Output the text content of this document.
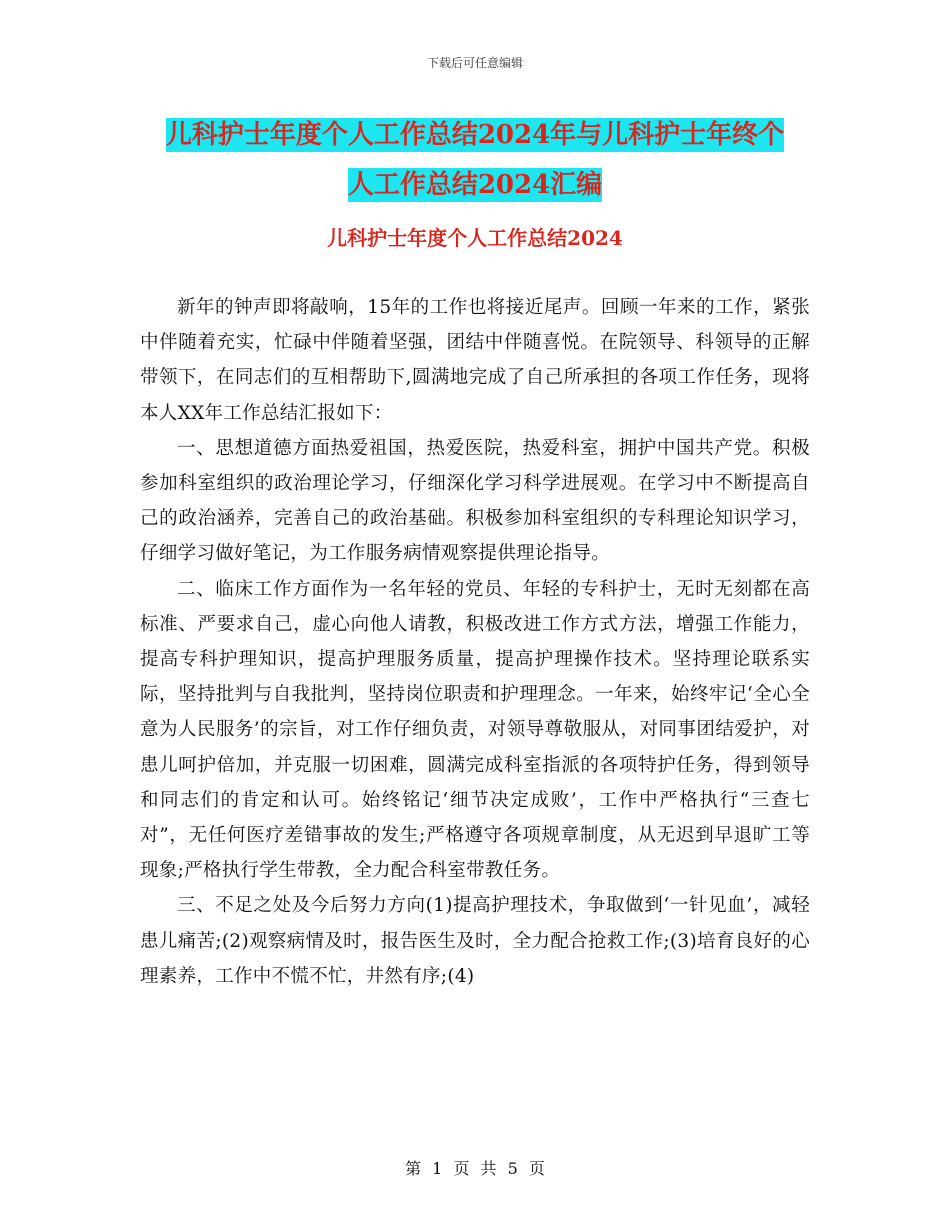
下载后可任意编辑
儿科护士年度个人工作总结2024年与儿科护士年终个
人工作总结2024汇编
儿科护士年度个人工作总结2024

新年的钟声即将敲响，15年的工作也将接近尾声。回顾一年来的工作，紧张中伴随着充实，忙碌中伴随着坚强，团结中伴随喜悦。在院领导、科领导的正解带领下，在同志们的互相帮助下,圆满地完成了自己所承担的各项工作任务，现将本人XX年工作总结汇报如下：

一、思想道德方面热爱祖国，热爱医院，热爱科室，拥护中国共产党。积极参加科室组织的政治理论学习，仔细深化学习科学进展观。在学习中不断提高自己的政治涵养，完善自己的政治基础。积极参加科室组织的专科理论知识学习，仔细学习做好笔记，为工作服务病情观察提供理论指导。

二、临床工作方面作为一名年轻的党员、年轻的专科护士，无时无刻都在高标准、严要求自己，虚心向他人请教，积极改进工作方式方法，增强工作能力，提高专科护理知识，提高护理服务质量，提高护理操作技术。坚持理论联系实际，坚持批判与自我批判，坚持岗位职责和护理理念。一年来，始终牢记‘全心全意为人民服务’的宗旨，对工作仔细负责，对领导尊敬服从，对同事团结爱护，对患儿呵护倍加，并克服一切困难，圆满完成科室指派的各项特护任务，得到领导和同志们的肯定和认可。始终铭记‘细节决定成败’，工作中严格执行“三查七对”，无任何医疗差错事故的发生;严格遵守各项规章制度，从无迟到早退旷工等现象;严格执行学生带教，全力配合科室带教任务。

三、不足之处及今后努力方向(1)提高护理技术，争取做到‘一针见血’，减轻患儿痛苦;(2)观察病情及时，报告医生及时，全力配合抢救工作;(3)培育良好的心理素养，工作中不慌不忙，井然有序;(4)

第 1 页 共 5 页
